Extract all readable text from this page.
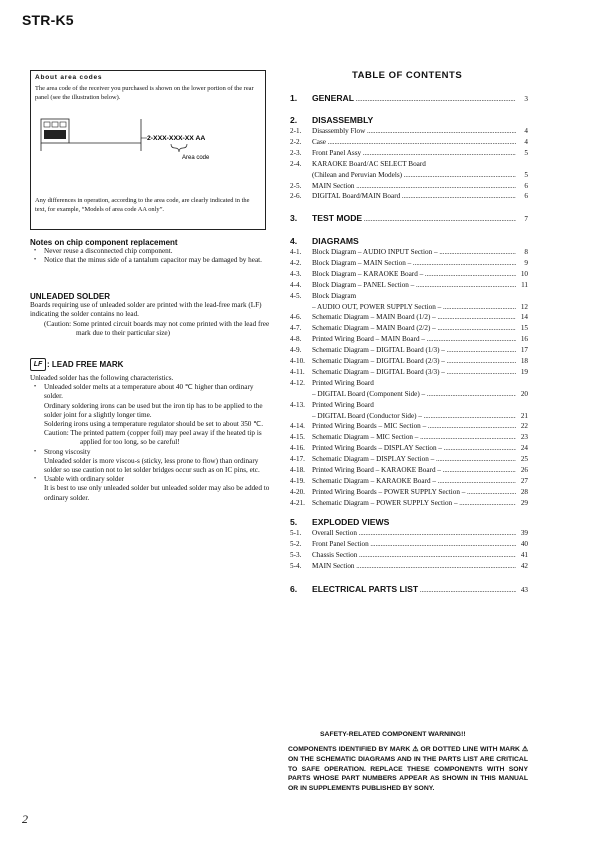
STR-K5
About area codes
The area code of the receiver you purchased is shown on the lower portion of the rear panel (see the illustration below).
2-XXX-XXX-XX AA
Area code
Any differences in operation, according to the area code, are clearly indicated in the text, for example, “Models of area code AA only”.
Notes on chip component replacement
• Never reuse a disconnected chip component.
• Notice that the minus side of a tantalum capacitor may be damaged by heat.
UNLEADED SOLDER
Boards requiring use of unleaded solder are printed with the lead-free mark (LF) indicating the solder contains no lead.
(Caution: Some printed circuit boards may not come printed with the lead free mark due to their particular size)
LF : LEAD FREE MARK
Unleaded solder has the following characteristics.
• Unleaded solder melts at a temperature about 40 ℃ higher than ordinary solder.
Ordinary soldering irons can be used but the iron tip has to be applied to the solder joint for a slightly longer time.
Soldering irons using a temperature regulator should be set to about 350 ℃.
Caution: The printed pattern (copper foil) may peel away if the heated tip is applied for too long, so be careful!
• Strong viscosity
Unleaded solder is more viscou-s (sticky, less prone to flow) than ordinary solder so use caution not to let solder bridges occur such as on IC pins, etc.
• Usable with ordinary solder
It is best to use only unleaded solder but unleaded solder may also be added to ordinary solder.
TABLE OF CONTENTS
1. GENERAL .....	3
2. DISASSEMBLY
2-1. Disassembly Flow .....	4
2-2. Case .....	4
2-3. Front Panel Assy .....	5
2-4. KARAOKE Board/AC SELECT Board
(Chilean and Peruvian Models) .....	5
2-5. MAIN Section .....	6
2-6. DIGITAL Board/MAIN Board .....	6
3. TEST MODE .....	7
4. DIAGRAMS
4-1. Block Diagram – AUDIO INPUT Section – .....	8
4-2. Block Diagram – MAIN Section – .....	9
4-3. Block Diagram – KARAOKE Board – .....	10
4-4. Block Diagram – PANEL Section – .....	11
4-5. Block Diagram
– AUDIO OUT, POWER SUPPLY Section – .....	12
4-6. Schematic Diagram – MAIN Board (1/2) – .....	14
4-7. Schematic Diagram – MAIN Board (2/2) – .....	15
4-8. Printed Wiring Board – MAIN Board – .....	16
4-9. Schematic Diagram – DIGITAL Board (1/3) – .....	17
4-10. Schematic Diagram – DIGITAL Board (2/3) – .....	18
4-11. Schematic Diagram – DIGITAL Board (3/3) – .....	19
4-12. Printed Wiring Board
– DIGITAL Board (Component Side) – .....	20
4-13. Printed Wiring Board
– DIGITAL Board (Conductor Side) – .....	21
4-14. Printed Wiring Boards – MIC Section – .....	22
4-15. Schematic Diagram – MIC Section – .....	23
4-16. Printed Wiring Boards – DISPLAY Section – .....	24
4-17. Schematic Diagram – DISPLAY Section – .....	25
4-18. Printed Wiring Board – KARAOKE Board – .....	26
4-19. Schematic Diagram – KARAOKE Board – .....	27
4-20. Printed Wiring Boards – POWER SUPPLY Section – .....	28
4-21. Schematic Diagram – POWER SUPPLY Section – .....	29
5. EXPLODED VIEWS
5-1. Overall Section .....	39
5-2. Front Panel Section .....	40
5-3. Chassis Section .....	41
5-4. MAIN Section .....	42
6. ELECTRICAL PARTS LIST .....	43
SAFETY-RELATED COMPONENT WARNING!!
COMPONENTS IDENTIFIED BY MARK ⚠ OR DOTTED LINE WITH MARK ⚠ ON THE SCHEMATIC DIAGRAMS AND IN THE PARTS LIST ARE CRITICAL TO SAFE OPERATION. REPLACE THESE COMPONENTS WITH SONY PARTS WHOSE PART NUMBERS APPEAR AS SHOWN IN THIS MANUAL OR IN SUPPLEMENTS PUBLISHED BY SONY.
2
